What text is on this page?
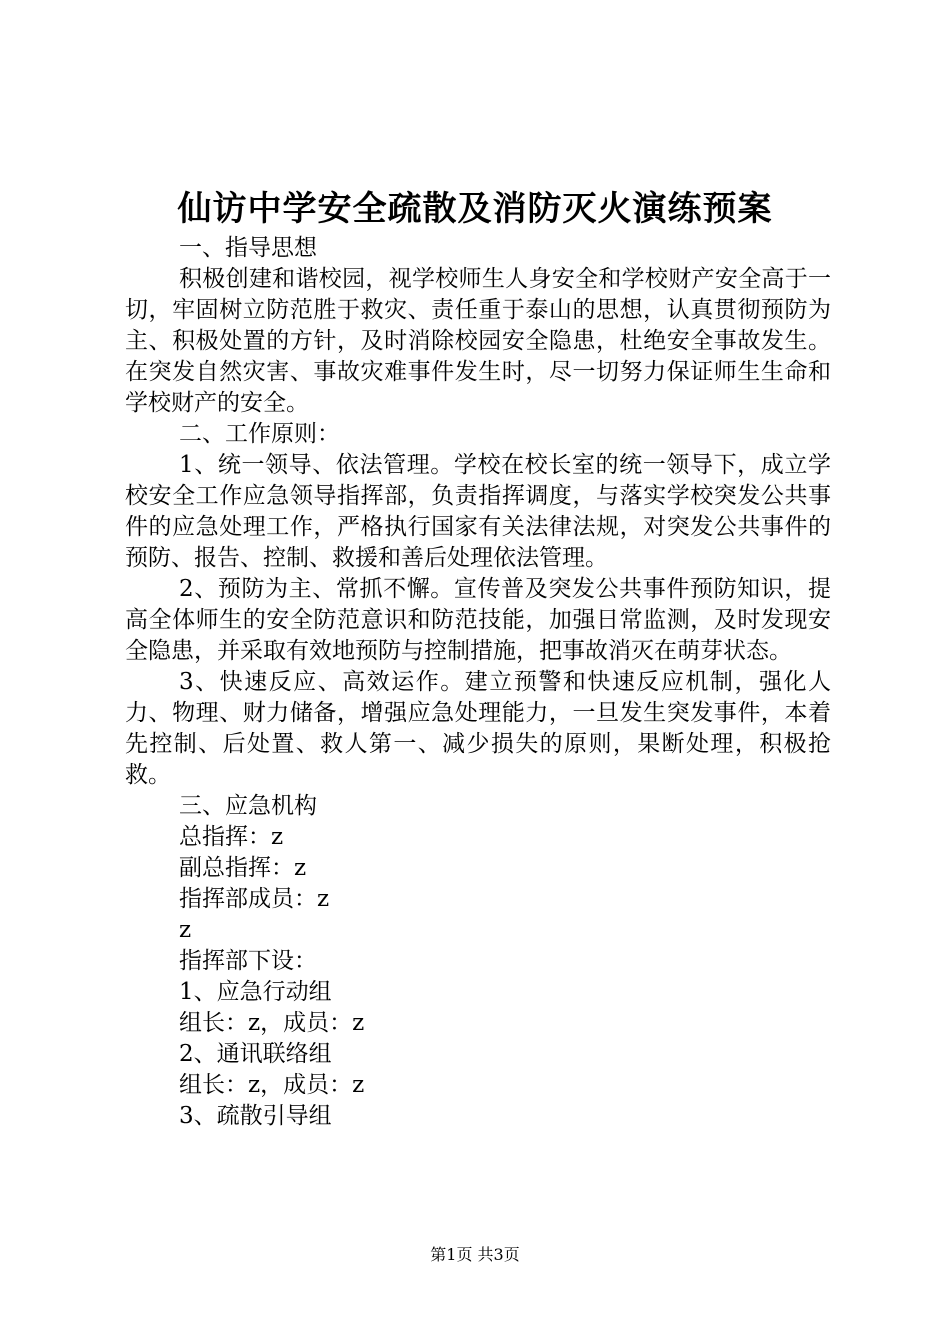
仙访中学安全疏散及消防灭火演练预案

一、指导思想

积极创建和谐校园，视学校师生人身安全和学校财产安全高于一切，牢固树立防范胜于救灾、责任重于泰山的思想，认真贯彻预防为主、积极处置的方针，及时消除校园安全隐患，杜绝安全事故发生。在突发自然灾害、事故灾难事件发生时，尽一切努力保证师生生命和学校财产的安全。

二、工作原则：

1、统一领导、依法管理。学校在校长室的统一领导下，成立学校安全工作应急领导指挥部，负责指挥调度，与落实学校突发公共事件的应急处理工作，严格执行国家有关法律法规，对突发公共事件的预防、报告、控制、救援和善后处理依法管理。

2、预防为主、常抓不懈。宣传普及突发公共事件预防知识，提高全体师生的安全防范意识和防范技能，加强日常监测，及时发现安全隐患，并采取有效地预防与控制措施，把事故消灭在萌芽状态。

3、快速反应、高效运作。建立预警和快速反应机制，强化人力、物理、财力储备，增强应急处理能力，一旦发生突发事件，本着先控制、后处置、救人第一、减少损失的原则，果断处理，积极抢救。

三、应急机构

总指挥：z

副总指挥：z

指挥部成员：z

z

指挥部下设：

1、应急行动组

组长：z，成员：z

2、通讯联络组

组长：z，成员：z

3、疏散引导组

第1页 共3页
